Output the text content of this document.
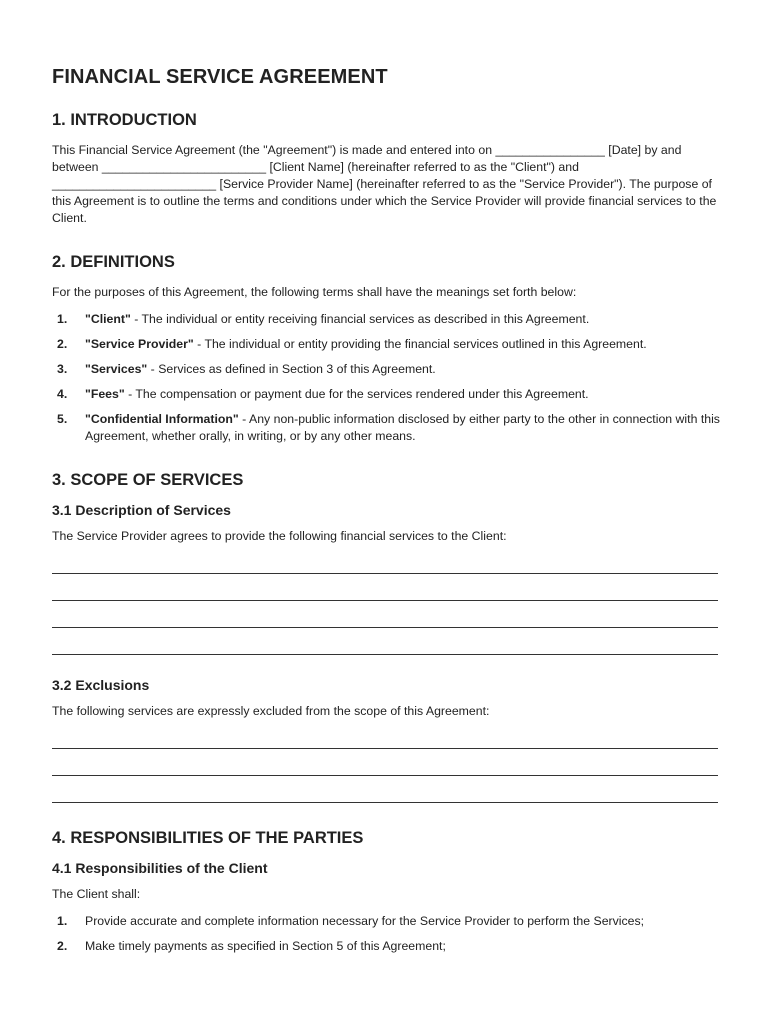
FINANCIAL SERVICE AGREEMENT
1. INTRODUCTION

This Financial Service Agreement (the "Agreement") is made and entered into on ________________ [Date] by and between ________________________ [Client Name] (hereinafter referred to as the "Client") and ________________________ [Service Provider Name] (hereinafter referred to as the "Service Provider"). The purpose of this Agreement is to outline the terms and conditions under which the Service Provider will provide financial services to the Client.

2. DEFINITIONS

For the purposes of this Agreement, the following terms shall have the meanings set forth below:

1. "Client" - The individual or entity receiving financial services as described in this Agreement.
2. "Service Provider" - The individual or entity providing the financial services outlined in this Agreement.
3. "Services" - Services as defined in Section 3 of this Agreement.
4. "Fees" - The compensation or payment due for the services rendered under this Agreement.
5. "Confidential Information" - Any non-public information disclosed by either party to the other in connection with this Agreement, whether orally, in writing, or by any other means.
3. SCOPE OF SERVICES
3.1 Description of Services

The Service Provider agrees to provide the following financial services to the Client:

3.2 Exclusions

The following services are expressly excluded from the scope of this Agreement:

4. RESPONSIBILITIES OF THE PARTIES
4.1 Responsibilities of the Client

The Client shall:

1. Provide accurate and complete information necessary for the Service Provider to perform the Services;
2. Make timely payments as specified in Section 5 of this Agreement;
